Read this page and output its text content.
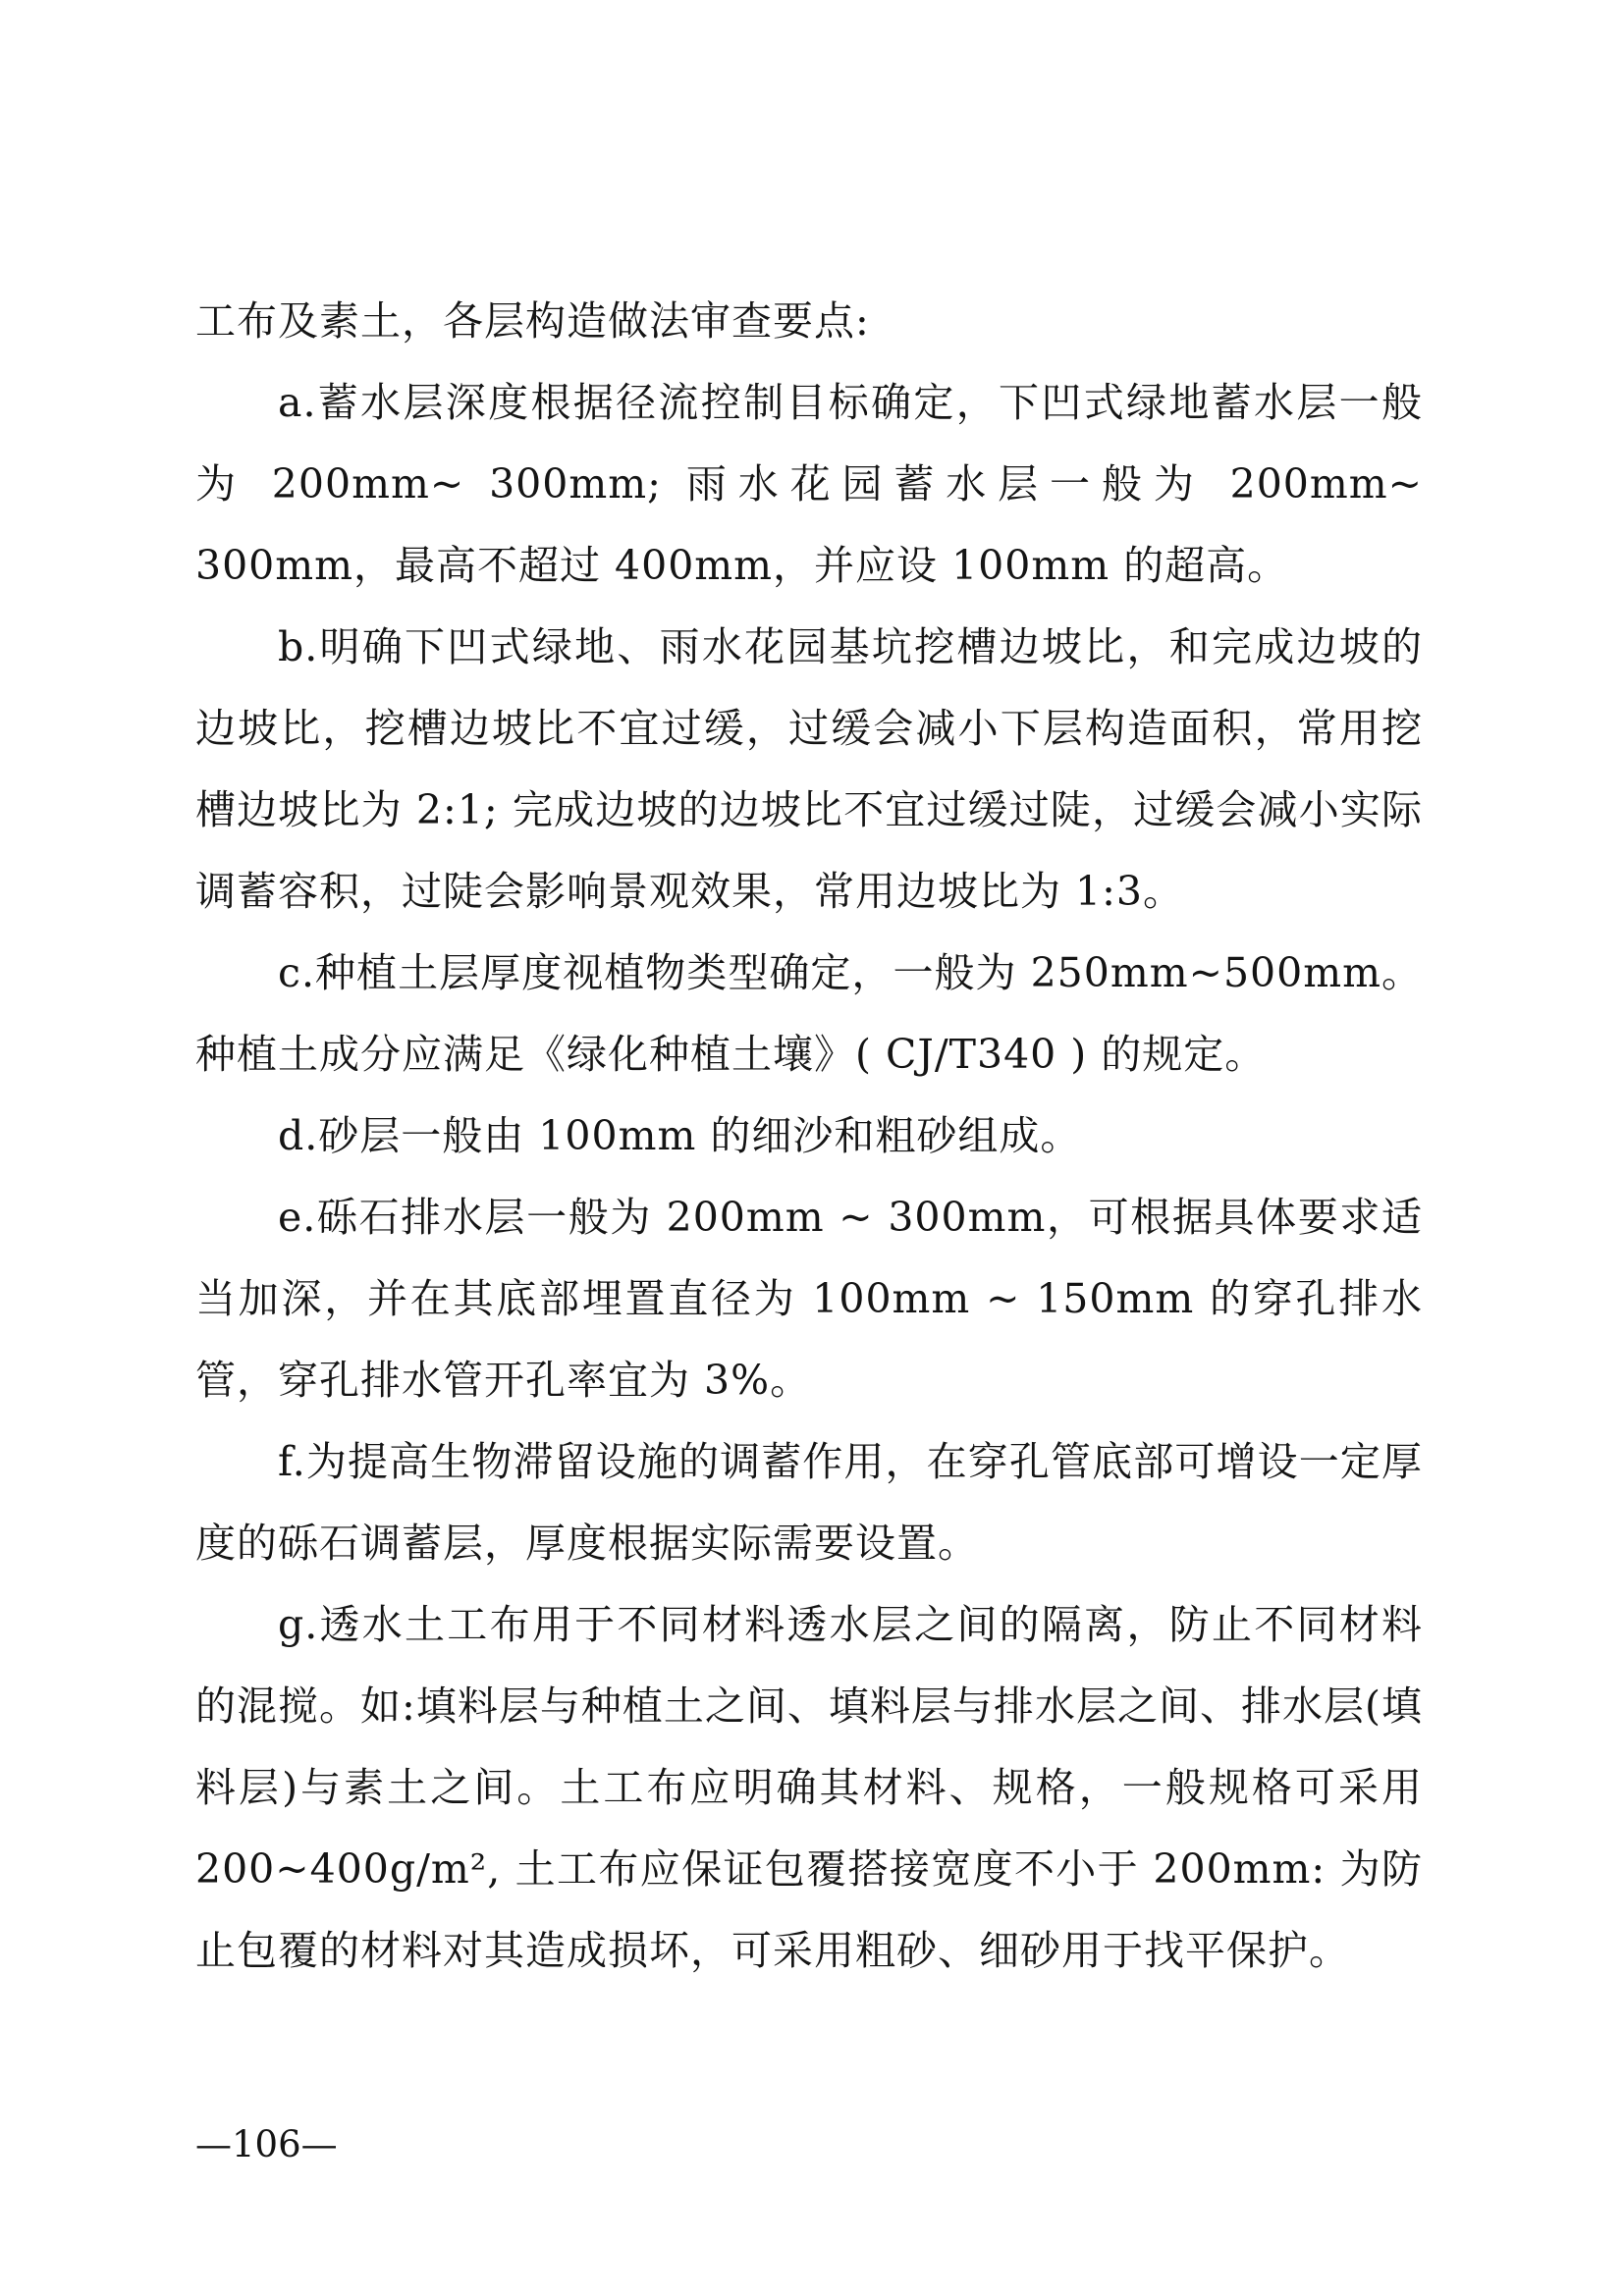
工布及素土，各层构造做法审查要点:

a.蓄水层深度根据径流控制目标确定，下凹式绿地蓄水层一般为 200mm~ 300mm; 雨水花园蓄水层一般为 200mm~ 300mm，最高不超过 400mm，并应设 100mm 的超高。

b.明确下凹式绿地、雨水花园基坑挖槽边坡比，和完成边坡的边坡比，挖槽边坡比不宜过缓，过缓会减小下层构造面积，常用挖槽边坡比为 2:1; 完成边坡的边坡比不宜过缓过陡，过缓会减小实际调蓄容积，过陡会影响景观效果，常用边坡比为 1:3。

c.种植土层厚度视植物类型确定，一般为 250mm~500mm。种植土成分应满足《绿化种植土壤》( CJ/T340 ) 的规定。

d.砂层一般由 100mm 的细沙和粗砂组成。

e.砾石排水层一般为 200mm ~ 300mm，可根据具体要求适当加深，并在其底部埋置直径为 100mm ~ 150mm 的穿孔排水管，穿孔排水管开孔率宜为 3%。

f.为提高生物滞留设施的调蓄作用，在穿孔管底部可增设一定厚度的砾石调蓄层，厚度根据实际需要设置。

g.透水土工布用于不同材料透水层之间的隔离，防止不同材料的混搅。如:填料层与种植土之间、填料层与排水层之间、排水层(填料层)与素土之间。土工布应明确其材料、规格，一般规格可采用 200~400g/m², 土工布应保证包覆搭接宽度不小于 200mm: 为防止包覆的材料对其造成损坏，可采用粗砂、细砂用于找平保护。

—106—
